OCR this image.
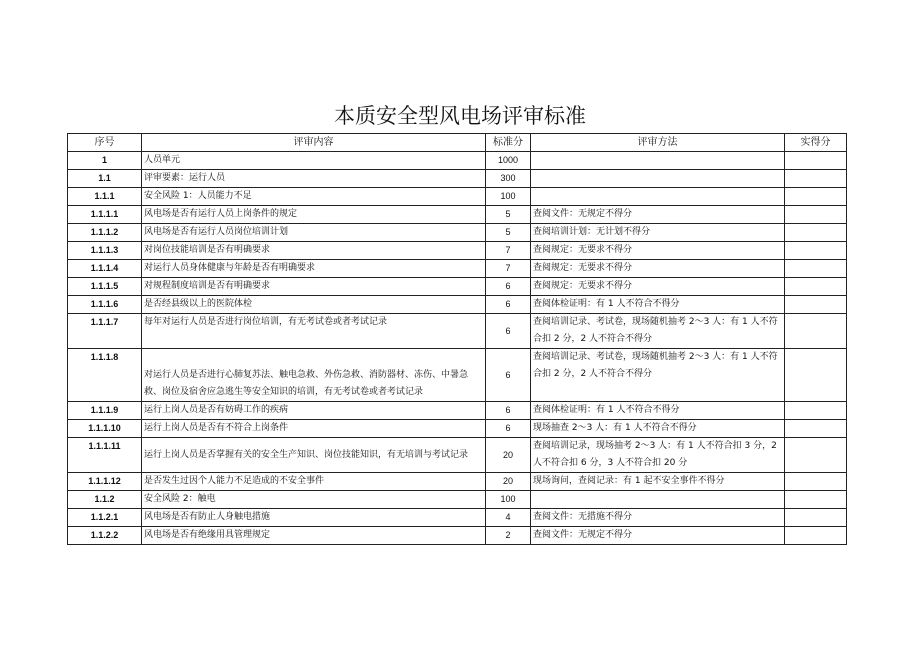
本质安全型风电场评审标准
序号	评审内容	标准分	评审方法	实得分
1	人员单元	1000		
1.1	评审要素：运行人员	300		
1.1.1	安全风险 1：人员能力不足	100		
1.1.1.1	风电场是否有运行人员上岗条件的规定	5	查阅文件：无规定不得分	
1.1.1.2	风电场是否有运行人员岗位培训计划	5	查阅培训计划：无计划不得分	
1.1.1.3	对岗位技能培训是否有明确要求	7	查阅规定：无要求不得分	
1.1.1.4	对运行人员身体健康与年龄是否有明确要求	7	查阅规定：无要求不得分	
1.1.1.5	对规程制度培训是否有明确要求	6	查阅规定：无要求不得分	
1.1.1.6	是否经县级以上的医院体检	6	查阅体检证明：有 1 人不符合不得分	
1.1.1.7	每年对运行人员是否进行岗位培训，有无考试卷或者考试记录	6	查阅培训记录、考试卷，现场随机抽考 2～3 人：有 1 人不符合扣 2 分，2 人不符合不得分	
1.1.1.8	对运行人员是否进行心肺复苏法、触电急救、外伤急救、消防器材、冻伤、中暑急救、岗位及宿舍应急逃生等安全知识的培训，有无考试卷或者考试记录	6	查阅培训记录、考试卷，现场随机抽考 2～3 人：有 1 人不符合扣 2 分，2 人不符合不得分	
1.1.1.9	运行上岗人员是否有妨碍工作的疾病	6	查阅体检证明：有 1 人不符合不得分	
1.1.1.10	运行上岗人员是否有不符合上岗条件	6	现场抽查 2～3 人：有 1 人不符合不得分	
1.1.1.11	运行上岗人员是否掌握有关的安全生产知识、岗位技能知识，有无培训与考试记录	20	查阅培训记录，现场抽考 2～3 人：有 1 人不符合扣 3 分，2 人不符合扣 6 分，3 人不符合扣 20 分	
1.1.1.12	是否发生过因个人能力不足造成的不安全事件	20	现场询问，查阅记录：有 1 起不安全事件不得分	
1.1.2	安全风险 2：触电	100		
1.1.2.1	风电场是否有防止人身触电措施	4	查阅文件：无措施不得分	
1.1.2.2	风电场是否有绝缘用具管理规定	2	查阅文件：无规定不得分	
